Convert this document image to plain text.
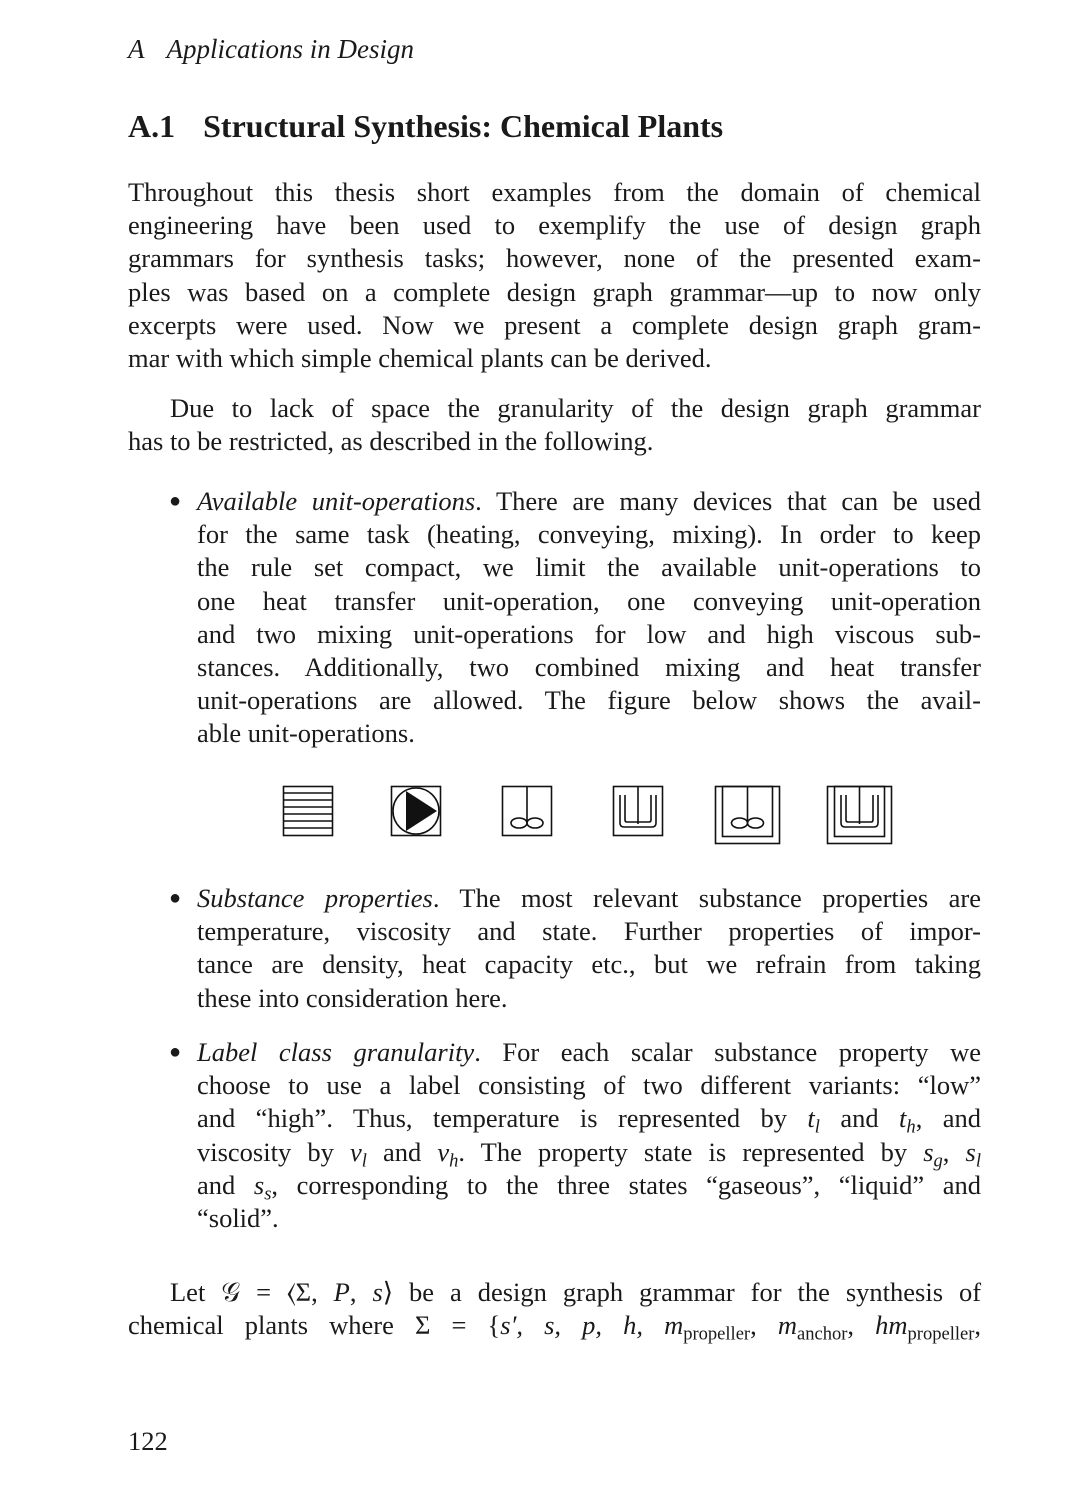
A Applications in Design
A.1 Structural Synthesis: Chemical Plants
Throughout this thesis short examples from the domain of chemical
engineering have been used to exemplify the use of design graph
grammars for synthesis tasks; however, none of the presented exam-
ples was based on a complete design graph grammar—up to now only
excerpts were used. Now we present a complete design graph gram-
mar with which simple chemical plants can be derived.
Due to lack of space the granularity of the design graph grammar
has to be restricted, as described in the following.
● Available unit-operations. There are many devices that can be used
for the same task (heating, conveying, mixing). In order to keep
the rule set compact, we limit the available unit-operations to
one heat transfer unit-operation, one conveying unit-operation
and two mixing unit-operations for low and high viscous sub-
stances. Additionally, two combined mixing and heat transfer
unit-operations are allowed. The figure below shows the avail-
able unit-operations.
● Substance properties. The most relevant substance properties are
temperature, viscosity and state. Further properties of impor-
tance are density, heat capacity etc., but we refrain from taking
these into consideration here.
● Label class granularity. For each scalar substance property we
choose to use a label consisting of two different variants: “low”
and “high”. Thus, temperature is represented by $t_l$ and $t_h$, and
viscosity by $v_l$ and $v_h$. The property state is represented by $s_g$, $s_l$
and $s_s$, corresponding to the three states “gaseous”, “liquid” and
“solid”.
Let 𝒢 = ⟨Σ, P, s⟩ be a design graph grammar for the synthesis of
chemical plants where Σ = {s′, s, p, h, $m_{propeller}$, $m_{anchor}$, $hm_{propeller}$,
122
